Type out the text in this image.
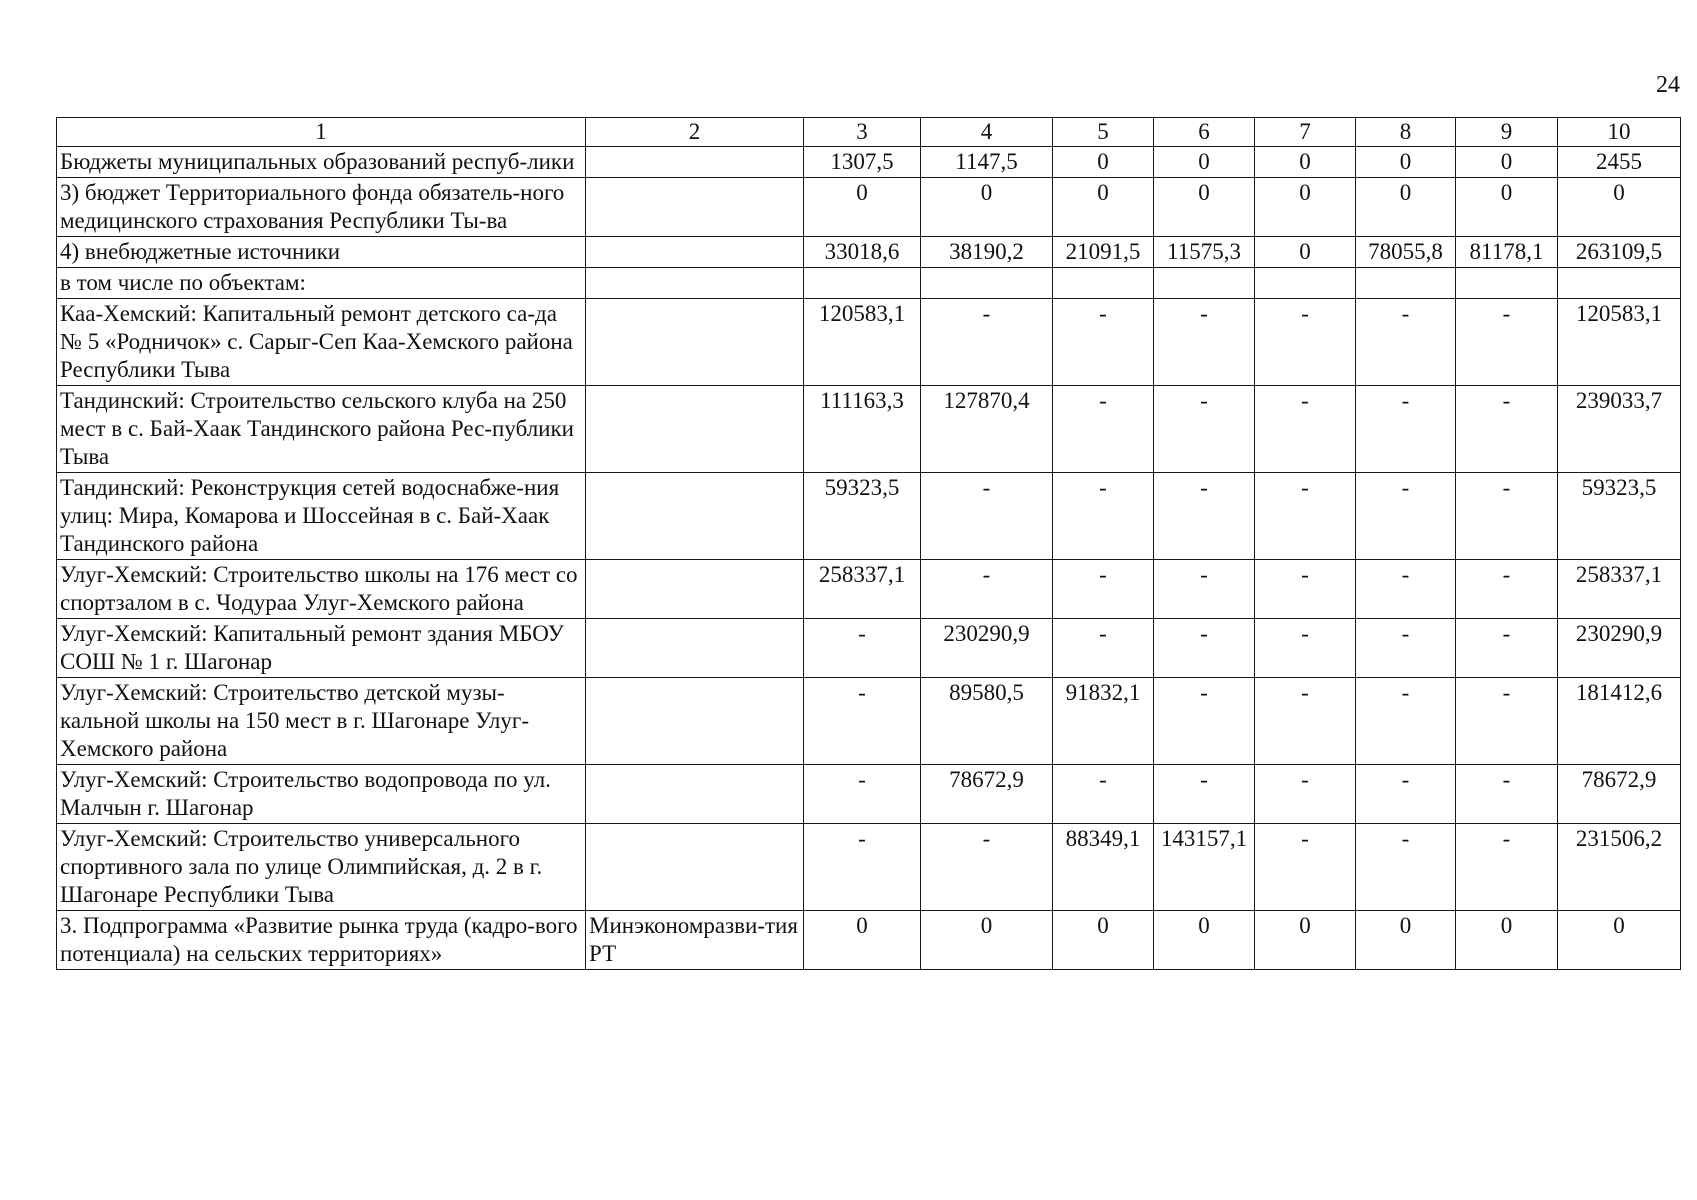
24
1	2	3	4	5	6	7	8	9	10
Бюджеты муниципальных образований респуб-лики		1307,5	1147,5	0	0	0	0	0	2455
3) бюджет Территориального фонда обязатель-ного медицинского страхования Республики Ты-ва		0	0	0	0	0	0	0	0
4) внебюджетные источники		33018,6	38190,2	21091,5	11575,3	0	78055,8	81178,1	263109,5
в том числе по объектам:									
Каа-Хемский: Капитальный ремонт детского са-да № 5 «Родничок» с. Сарыг-Сеп Каа-Хемского района Республики Тыва		120583,1	-	-	-	-	-	-	120583,1
Тандинский: Строительство сельского клуба на 250 мест в с. Бай-Хаак Тандинского района Рес-публики Тыва		111163,3	127870,4	-	-	-	-	-	239033,7
Тандинский: Реконструкция сетей водоснабже-ния улиц: Мира, Комарова и Шоссейная в с. Бай-Хаак Тандинского района		59323,5	-	-	-	-	-	-	59323,5
Улуг-Хемский: Строительство школы на 176 мест со спортзалом в с. Чодураа Улуг-Хемского района		258337,1	-	-	-	-	-	-	258337,1
Улуг-Хемский: Капитальный ремонт здания МБОУ СОШ № 1 г. Шагонар		-	230290,9	-	-	-	-	-	230290,9
Улуг-Хемский: Строительство детской музы-кальной школы на 150 мест в г. Шагонаре Улуг-Хемского района		-	89580,5	91832,1	-	-	-	-	181412,6
Улуг-Хемский: Строительство водопровода по ул. Малчын г. Шагонар		-	78672,9	-	-	-	-	-	78672,9
Улуг-Хемский: Строительство универсального спортивного зала по улице Олимпийская, д. 2 в г. Шагонаре Республики Тыва		-	-	88349,1	143157,1	-	-	-	231506,2
3. Подпрограмма «Развитие рынка труда (кадро-вого потенциала) на сельских территориях»	Минэкономразви-тия РТ	0	0	0	0	0	0	0	0
